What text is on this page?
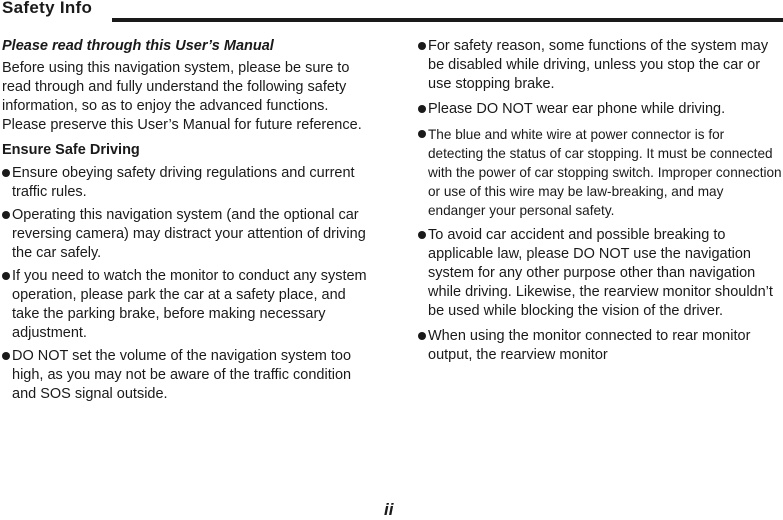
Safety Info

Please read through this User’s Manual

Before using this navigation system, please be sure to read through and fully understand the following safety information, so as to enjoy the advanced functions. Please preserve this User’s Manual for future reference.

Ensure Safe Driving

Ensure obeying safety driving regulations and current traffic rules.
Operating this navigation system (and the optional car reversing camera) may distract your attention of driving the car safely.
If you need to watch the monitor to conduct any system operation, please park the car at a safety place, and take the parking brake, before making necessary adjustment.
DO NOT set the volume of the navigation system too high, as you may not be aware of the traffic condition and SOS signal outside.
For safety reason, some functions of the system may be disabled while driving, unless you stop the car or use stopping brake.
Please DO NOT wear ear phone while driving.
The blue and white wire at power connector is for detecting the status of car stopping. It must be connected with the power of car stopping switch. Improper connection or use of this wire may be law-breaking, and may endanger your personal safety.
To avoid car accident and possible breaking to applicable law, please DO NOT use the navigation system for any other purpose other than navigation while driving. Likewise, the rearview monitor shouldn’t be used while blocking the vision of the driver.
When using the monitor connected to rear monitor output, the rearview monitor
ii
